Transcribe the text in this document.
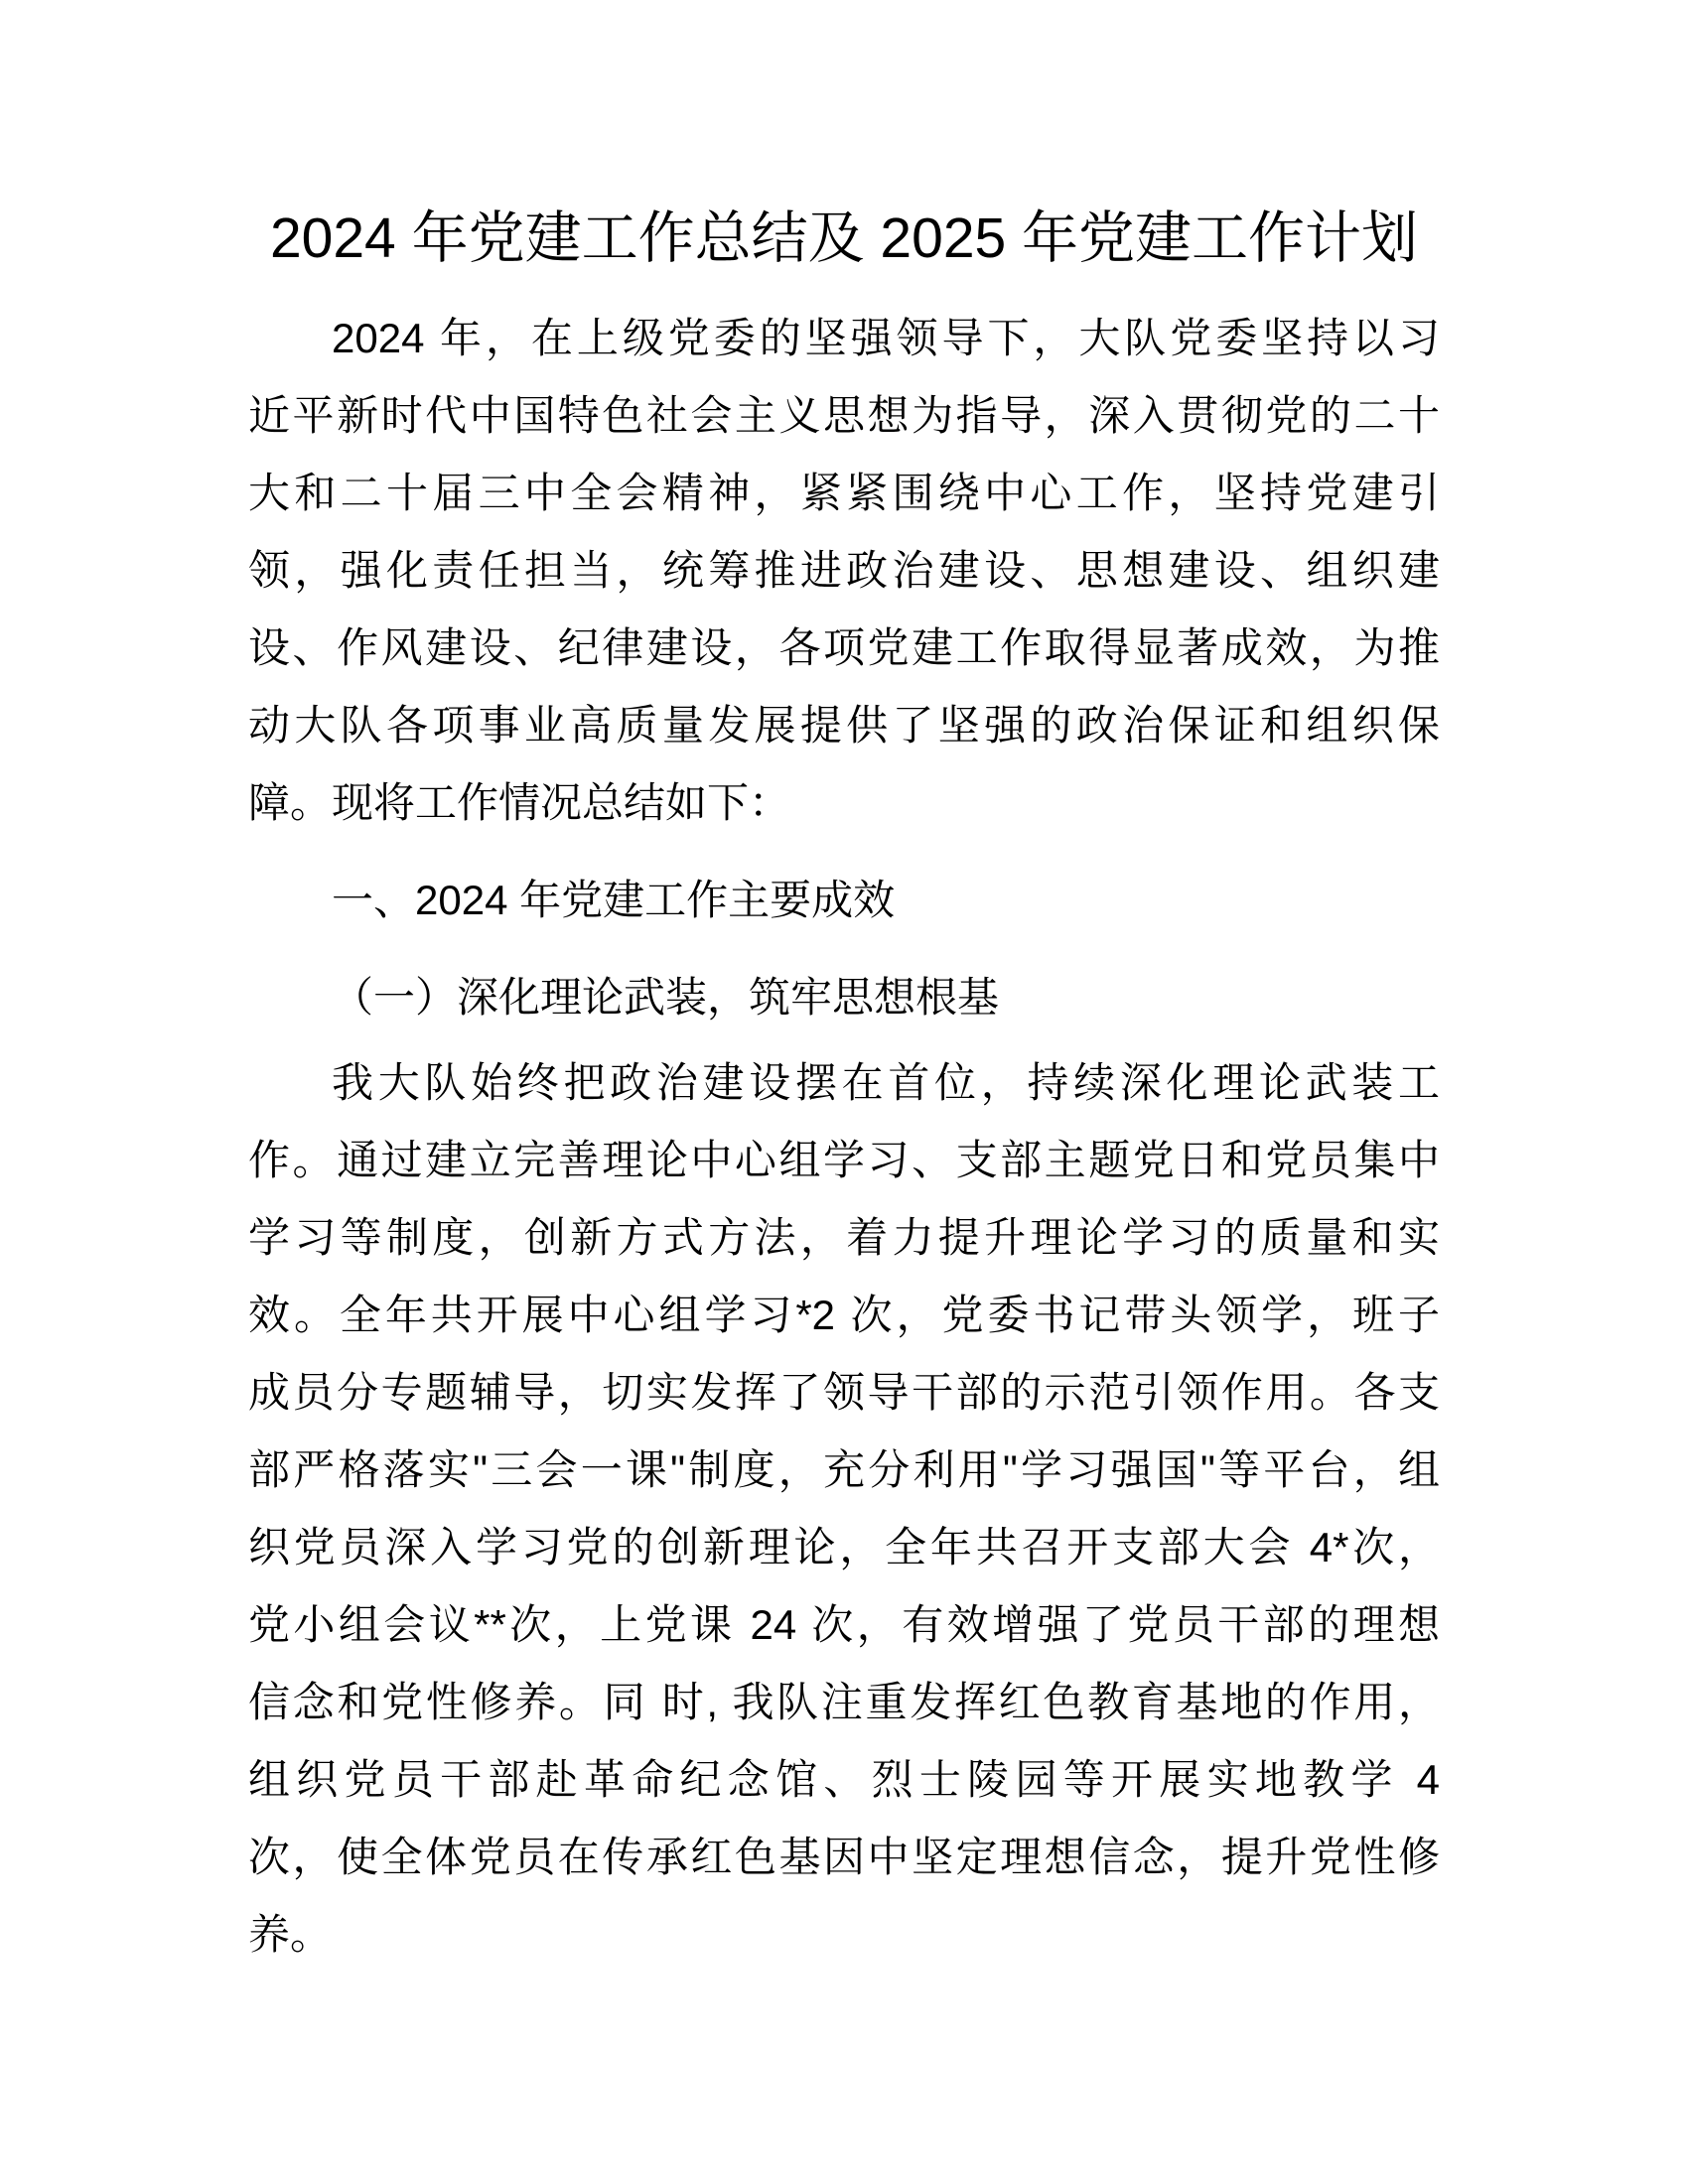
2024 年党建工作总结及 2025 年党建工作计划
2024 年，在上级党委的坚强领导下，大队党委坚持以习
近平新时代中国特色社会主义思想为指导，深入贯彻党的二十
大和二十届三中全会精神，紧紧围绕中心工作，坚持党建引
领，强化责任担当，统筹推进政治建设、思想建设、组织建
设、作风建设、纪律建设，各项党建工作取得显著成效，为推
动大队各项事业高质量发展提供了坚强的政治保证和组织保
障。现将工作情况总结如下：
一、2024 年党建工作主要成效
（一）深化理论武装，筑牢思想根基
我大队始终把政治建设摆在首位，持续深化理论武装工
作。通过建立完善理论中心组学习、支部主题党日和党员集中
学习等制度，创新方式方法，着力提升理论学习的质量和实
效。全年共开展中心组学习*2 次，党委书记带头领学，班子
成员分专题辅导，切实发挥了领导干部的示范引领作用。各支
部严格落实"三会一课"制度，充分利用"学习强国"等平台，组
织党员深入学习党的创新理论，全年共召开支部大会 4*次，
党小组会议**次，上党课 24 次，有效增强了党员干部的理想
信念和党性修养。同 时, 我队注重发挥红色教育基地的作用，
组织党员干部赴革命纪念馆、烈士陵园等开展实地教学 4
次，使全体党员在传承红色基因中坚定理想信念，提升党性修
养。
